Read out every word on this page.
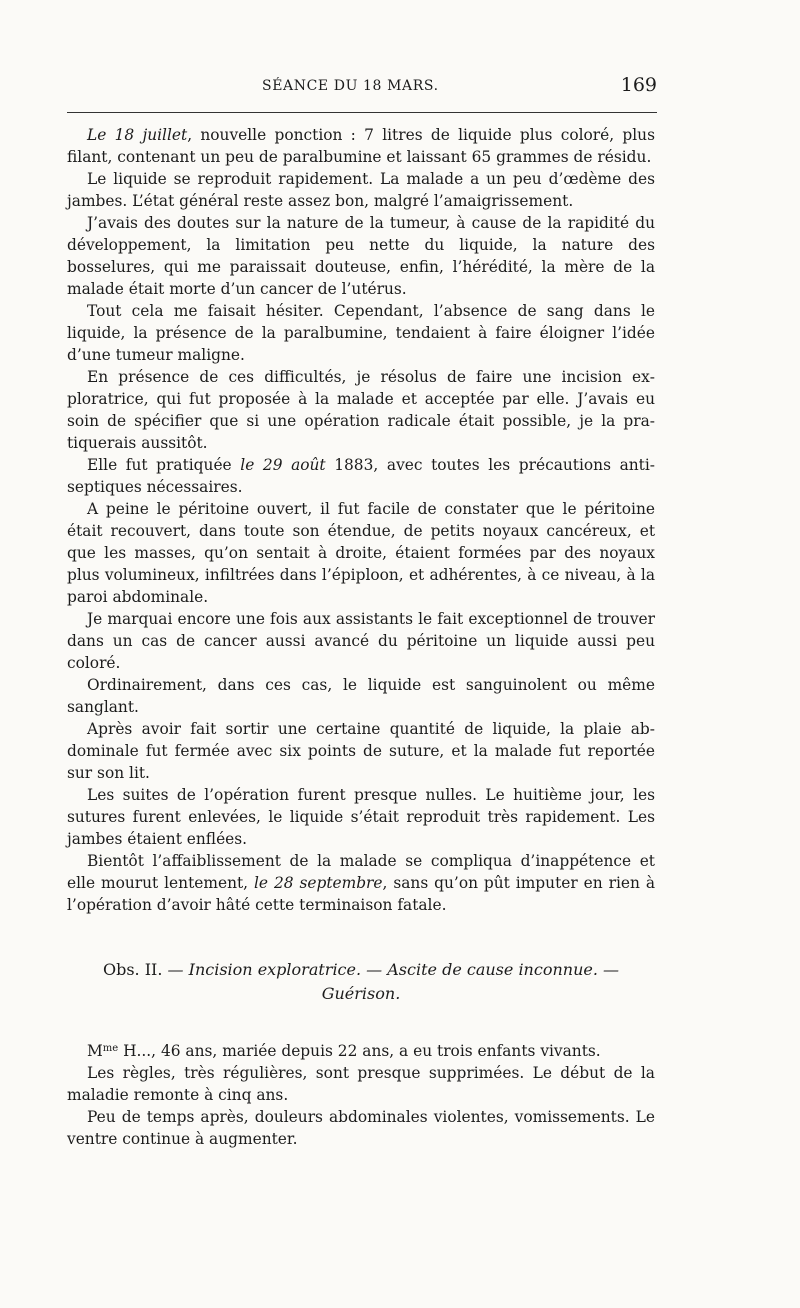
SÉANCE DU 18 MARS.	169

Le 18 juillet, nouvelle ponction : 7 litres de liquide plus coloré, plus filant, contenant un peu de paralbumine et laissant 65 grammes de résidu.

Le liquide se reproduit rapidement. La malade a un peu d’œdème des jambes. L’état général reste assez bon, malgré l’amaigrissement.

J’avais des doutes sur la nature de la tumeur, à cause de la rapidité du développement, la limitation peu nette du liquide, la nature des bosselures, qui me paraissait douteuse, enfin, l’hérédité, la mère de la malade était morte d’un cancer de l’utérus.

Tout cela me faisait hésiter. Cependant, l’absence de sang dans le liquide, la présence de la paralbumine, tendaient à faire éloigner l’idée d’une tumeur maligne.

En présence de ces difficultés, je résolus de faire une incision exploratrice, qui fut proposée à la malade et acceptée par elle. J’avais eu soin de spécifier que si une opération radicale était possible, je la pratiquerais aussitôt.

Elle fut pratiquée le 29 août 1883, avec toutes les précautions antiseptiques nécessaires.

A peine le péritoine ouvert, il fut facile de constater que le péritoine était recouvert, dans toute son étendue, de petits noyaux cancéreux, et que les masses, qu’on sentait à droite, étaient formées par des noyaux plus volumineux, infiltrées dans l’épiploon, et adhérentes, à ce niveau, à la paroi abdominale.

Je marquai encore une fois aux assistants le fait exceptionnel de trouver dans un cas de cancer aussi avancé du péritoine un liquide aussi peu coloré.

Ordinairement, dans ces cas, le liquide est sanguinolent ou même sanglant.

Après avoir fait sortir une certaine quantité de liquide, la plaie abdominale fut fermée avec six points de suture, et la malade fut reportée sur son lit.

Les suites de l’opération furent presque nulles. Le huitième jour, les sutures furent enlevées, le liquide s’était reproduit très rapidement. Les jambes étaient enflées.

Bientôt l’affaiblissement de la malade se compliqua d’inappétence et elle mourut lentement, le 28 septembre, sans qu’on pût imputer en rien à l’opération d’avoir hâté cette terminaison fatale.

Obs. II. — Incision exploratrice. — Ascite de cause inconnue. —
Guérison.

$M^{me}$ H..., 46 ans, mariée depuis 22 ans, a eu trois enfants vivants.

Les règles, très régulières, sont presque supprimées. Le début de la maladie remonte à cinq ans.

Peu de temps après, douleurs abdominales violentes, vomissements. Le ventre continue à augmenter.
